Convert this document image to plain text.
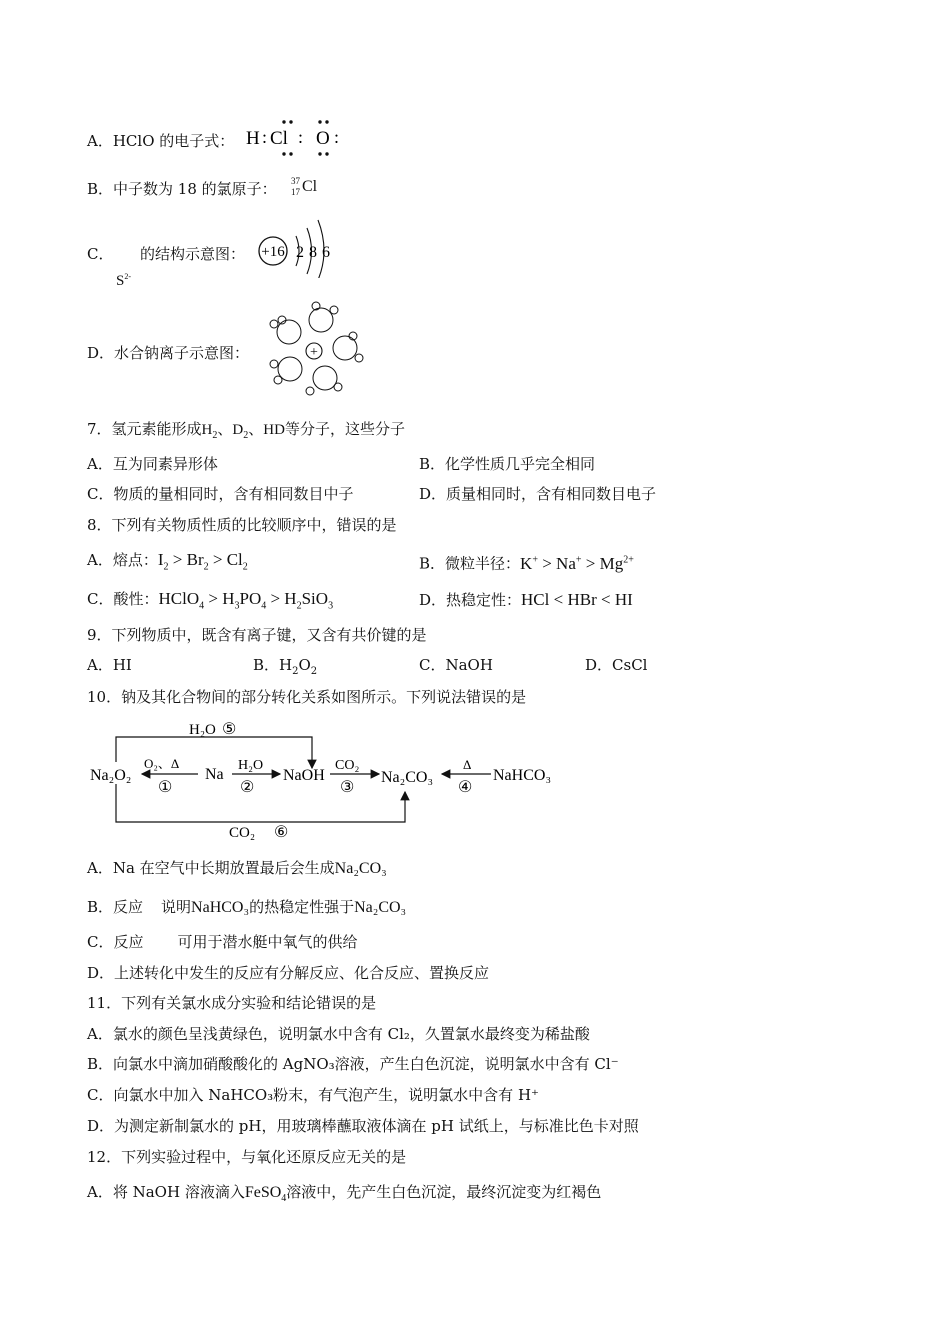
A．HClO 的电子式： H : Cl : O :
B．中子数为 18 的氯原子： 37
17 Cl
C．
$S^{2-}$
的结构示意图： +16 2 8 6
D．水合钠离子示意图：	+
7．氢元素能形成$H_2$、$D_2$、HD等分子，这些分子
A．互为同素异形体	B．化学性质几乎完全相同
C．物质的量相同时，含有相同数目中子	D．质量相同时，含有相同数目电子
8．下列有关物质性质的比较顺序中，错误的是
A．熔点：$I_2 > Br_2 > Cl_2$	B．微粒半径：$K^+ > Na^+ > Mg^{2+}$
C．酸性：HClO$_4$ > $H_3PO_4 > H_2SiO_3$	D．热稳定性：HCl < HBr < HI
9．下列物质中，既含有离子键，又含有共价键的是
A．HI	B．$H_2O_2$	C．NaOH	D．CsCl
10．钠及其化合物间的部分转化关系如图所示。下列说法错误的是
H₂O ⑤
CO₂ ⑥
Na₂O₂	Na	NaOH	Na₂CO₃	NaHCO₃
O₂、Δ
①
H₂O
②
CO₂
③
Δ
④
A．Na 在空气中长期放置最后会生成Na₂CO₃
B．反应 说明NaHCO₃的热稳定性强于Na₂CO₃
C．反应 可用于潜水艇中氧气的供给
D．上述转化中发生的反应有分解反应、化合反应、置换反应
11．下列有关氯水成分实验和结论错误的是
A．氯水的颜色呈浅黄绿色，说明氯水中含有 Cl₂，久置氯水最终变为稀盐酸
B．向氯水中滴加硝酸酸化的 AgNO₃溶液，产生白色沉淀，说明氯水中含有 Cl⁻
C．向氯水中加入 NaHCO₃粉末，有气泡产生，说明氯水中含有 H⁺
D．为测定新制氯水的 pH，用玻璃棒蘸取液体滴在 pH 试纸上，与标准比色卡对照
12．下列实验过程中，与氧化还原反应无关的是
A．将 NaOH 溶液滴入FeSO$_4$溶液中，先产生白色沉淀，最终沉淀变为红褐色
